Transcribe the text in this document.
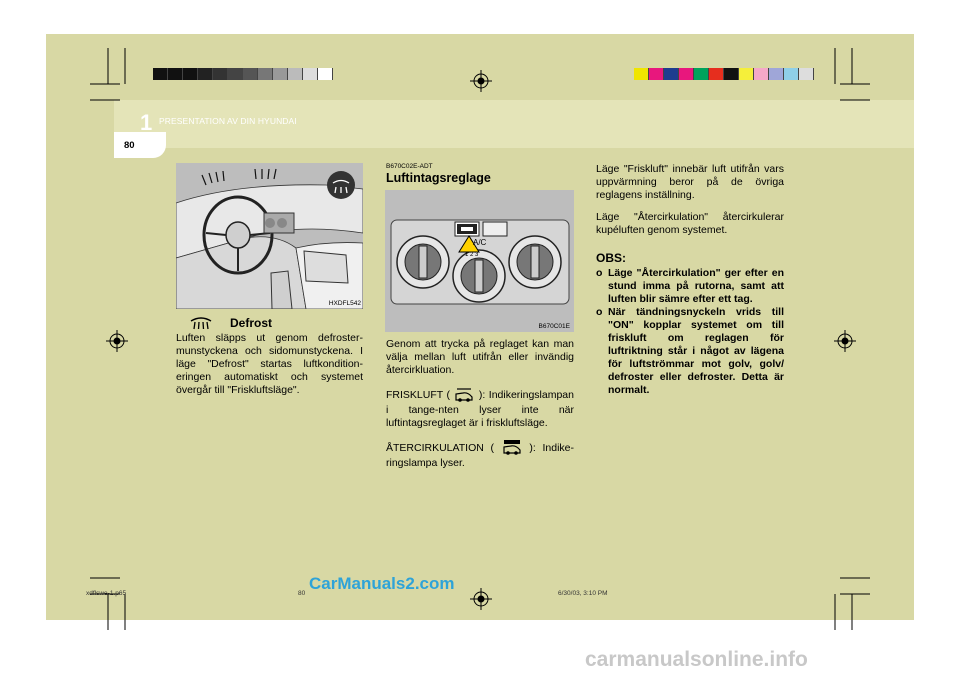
1 PRESENTATION AV DIN HYUNDAI
80
HXDFL542
Defrost

Luften släpps ut genom defroster-munstyckena och sidomunstyckena. I läge "Defrost" startas luftkondition-eringen automatiskt och systemet övergår till "Friskluftsläge".

B670C02E-ADT
Luftintagsreglage
1 2 3
A/C
B670C01E

Genom att trycka på reglaget kan man välja mellan luft utifrån eller invändig återcirkluation.

FRISKLUFT (	): Indikeringslampan i tange-nten lyser inte när luftintagsreglaget är i friskluftsläge.

ÅTERCIRKULATION (	): Indike-ringslampa lyser.

Läge "Friskluft" innebär luft utifrån vars uppvärmning beror på de övriga reglagens inställning.

Läge "Återcirkulation" återcirkulerar kupéluften genom systemet.

OBS:
o Läge "Återcirkulation" ger efter en stund imma på rutorna, samt att luften blir sämre efter ett tag.
o När tändningsnyckeln vrids till "ON" kopplar systemet om till friskluft om reglagen för luftriktning står i något av lägena för luftströmmar mot golv, golv/ defroster eller defroster. Detta är normalt.
xdflswe-1.p65	80	6/30/03, 3:10 PM
CarManuals2.com
carmanualsonline.info
